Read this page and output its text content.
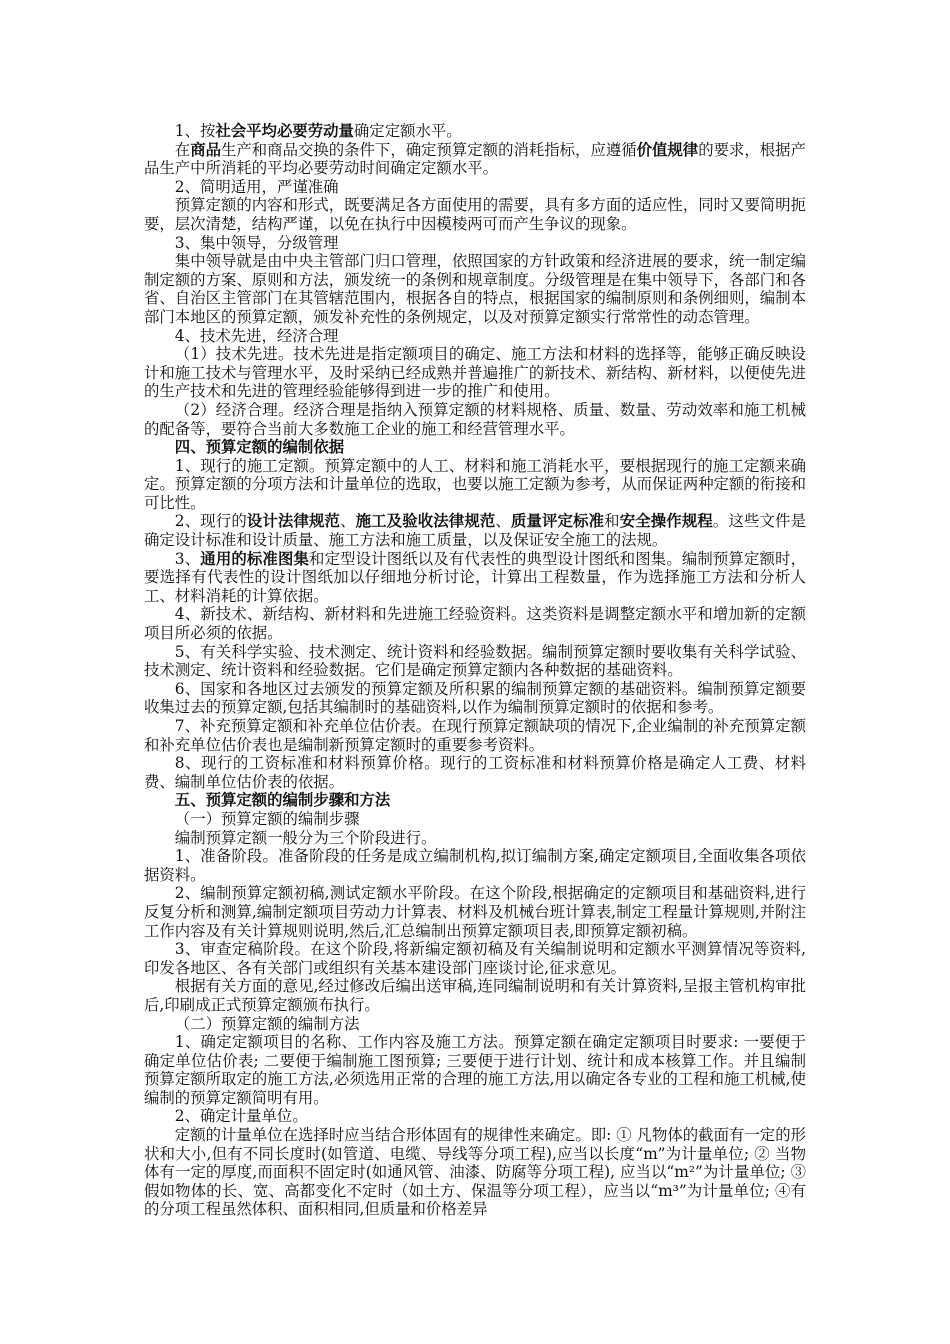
1、按社会平均必要劳动量确定定额水平。

在商品生产和商品交换的条件下，确定预算定额的消耗指标，应遵循价值规律的要求，根据产品生产中所消耗的平均必要劳动时间确定定额水平。

2、简明适用，严谨准确

预算定额的内容和形式，既要满足各方面使用的需要，具有多方面的适应性，同时又要简明扼要，层次清楚，结构严谨，以免在执行中因模棱两可而产生争议的现象。

3、集中领导，分级管理

集中领导就是由中央主管部门归口管理，依照国家的方针政策和经济进展的要求，统一制定编制定额的方案、原则和方法，颁发统一的条例和规章制度。分级管理是在集中领导下，各部门和各省、自治区主管部门在其管辖范围内，根据各自的特点，根据国家的编制原则和条例细则，编制本部门本地区的预算定额，颁发补充性的条例规定，以及对预算定额实行常常性的动态管理。

4、技术先进，经济合理

（1）技术先进。技术先进是指定额项目的确定、施工方法和材料的选择等，能够正确反映设计和施工技术与管理水平，及时采纳已经成熟并普遍推广的新技术、新结构、新材料，以便使先进的生产技术和先进的管理经验能够得到进一步的推广和使用。

（2）经济合理。经济合理是指纳入预算定额的材料规格、质量、数量、劳动效率和施工机械的配备等，要符合当前大多数施工企业的施工和经营管理水平。

四、预算定额的编制依据

1、现行的施工定额。预算定额中的人工、材料和施工消耗水平，要根据现行的施工定额来确定。预算定额的分项方法和计量单位的选取，也要以施工定额为参考，从而保证两种定额的衔接和可比性。

2、现行的设计法律规范、施工及验收法律规范、质量评定标准和安全操作规程。这些文件是确定设计标准和设计质量、施工方法和施工质量，以及保证安全施工的法规。

3、通用的标准图集和定型设计图纸以及有代表性的典型设计图纸和图集。编制预算定额时，要选择有代表性的设计图纸加以仔细地分析讨论，计算出工程数量，作为选择施工方法和分析人工、材料消耗的计算依据。

4、新技术、新结构、新材料和先进施工经验资料。这类资料是调整定额水平和增加新的定额项目所必须的依据。

5、有关科学实验、技术测定、统计资料和经验数据。编制预算定额时要收集有关科学试验、技术测定、统计资料和经验数据。它们是确定预算定额内各种数据的基础资料。

6、国家和各地区过去颁发的预算定额及所积累的编制预算定额的基础资料。编制预算定额要收集过去的预算定额,包括其编制时的基础资料,以作为编制预算定额时的依据和参考。

7、补充预算定额和补充单位估价表。在现行预算定额缺项的情况下,企业编制的补充预算定额和补充单位估价表也是编制新预算定额时的重要参考资料。

8、现行的工资标准和材料预算价格。现行的工资标准和材料预算价格是确定人工费、材料费、编制单位估价表的依据。

五、预算定额的编制步骤和方法

（一）预算定额的编制步骤

编制预算定额一般分为三个阶段进行。

1、准备阶段。准备阶段的任务是成立编制机构,拟订编制方案,确定定额项目,全面收集各项依据资料。

2、编制预算定额初稿,测试定额水平阶段。在这个阶段,根据确定的定额项目和基础资料,进行反复分析和测算,编制定额项目劳动力计算表、材料及机械台班计算表,制定工程量计算规则,并附注工作内容及有关计算规则说明,然后,汇总编制出预算定额项目表,即预算定额初稿。

3、审查定稿阶段。在这个阶段,将新编定额初稿及有关编制说明和定额水平测算情况等资料,印发各地区、各有关部门或组织有关基本建设部门座谈讨论,征求意见。

根据有关方面的意见,经过修改后编出送审稿,连同编制说明和有关计算资料,呈报主管机构审批后,印刷成正式预算定额颁布执行。

（二）预算定额的编制方法

1、确定定额项目的名称、工作内容及施工方法。预算定额在确定定额项目时要求: 一要便于确定单位估价表; 二要便于编制施工图预算; 三要便于进行计划、统计和成本核算工作。并且编制预算定额所取定的施工方法,必须选用正常的合理的施工方法,用以确定各专业的工程和施工机械,使编制的预算定额简明有用。

2、确定计量单位。

定额的计量单位在选择时应当结合形体固有的规律性来确定。即: ① 凡物体的截面有一定的形状和大小,但有不同长度时(如管道、电缆、导线等分项工程),应当以长度“m”为计量单位; ② 当物体有一定的厚度,而面积不固定时(如通风管、油漆、防腐等分项工程), 应当以“m²”为计量单位; ③ 假如物体的长、宽、高都变化不定时（如土方、保温等分项工程），应当以“m³”为计量单位; ④有的分项工程虽然体积、面积相同,但质量和价格差异
